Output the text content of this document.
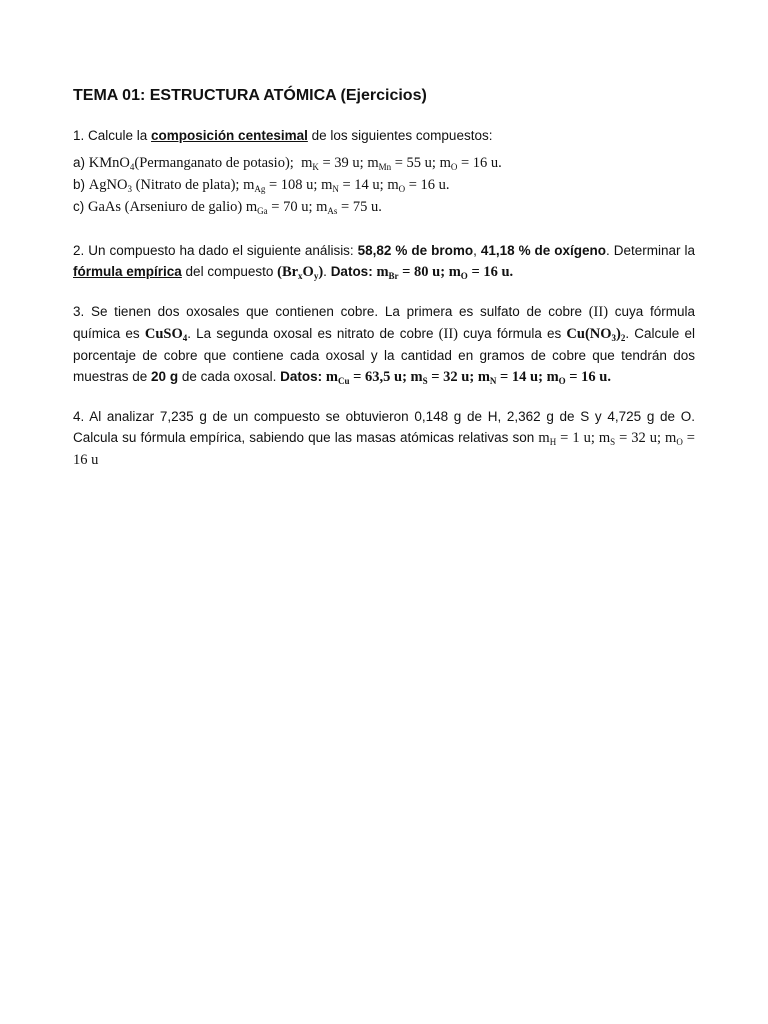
TEMA 01: ESTRUCTURA ATÓMICA (Ejercicios)
1. Calcule la composición centesimal de los siguientes compuestos:
a) KMnO$_4$(Permanganato de potasio); $m_K = 39$ u; $m_{Mn} = 55$ u; $m_O = 16$ u.
b) AgNO$_3$ (Nitrato de plata); $m_{Ag} = 108$ u; $m_N = 14$ u; $m_O = 16$ u.
c) GaAs (Arseniuro de galio) $m_{Ga} = 70$ u; $m_{As} = 75$ u.
2. Un compuesto ha dado el siguiente análisis: 58,82 % de bromo, 41,18 % de oxígeno. Determinar la fórmula empírica del compuesto $(Br_xO_y)$. Datos: $m_{Br} = 80$ u; $m_O = 16$ u.
3. Se tienen dos oxosales que contienen cobre. La primera es sulfato de cobre (II) cuya fórmula química es CuSO$_4$. La segunda oxosal es nitrato de cobre (II) cuya fórmula es $Cu(NO_3)_2$. Calcule el porcentaje de cobre que contiene cada oxosal y la cantidad en gramos de cobre que tendrán dos muestras de 20 g de cada oxosal. Datos: $m_{Cu} = 63,5$ u; $m_S = 32$ u; $m_N = 14$ u; $m_O = 16$ u.
4. Al analizar 7,235 g de un compuesto se obtuvieron 0,148 g de H, 2,362 g de S y 4,725 g de O. Calcula su fórmula empírica, sabiendo que las masas atómicas relativas son $m_H = 1$ u; $m_S = 32$ u; $m_O = 16$ u
